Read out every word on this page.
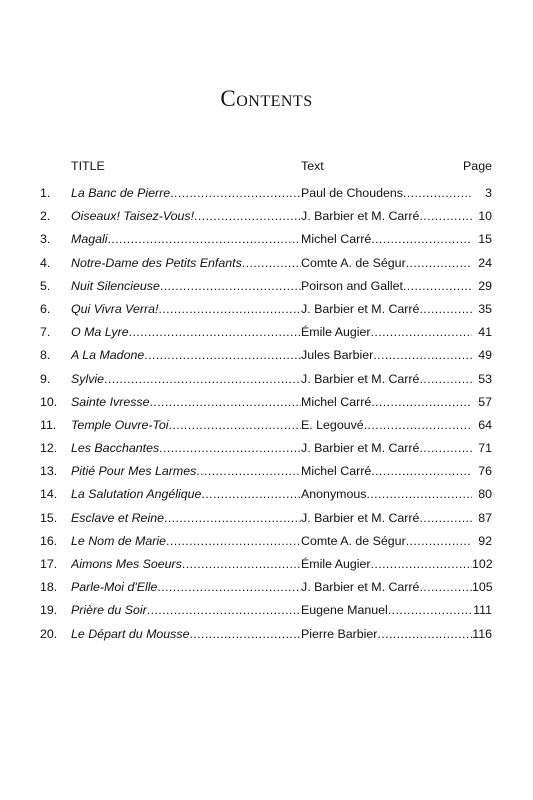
Contents
TITLE	Text	Page
1.	La Banc de Pierre .....	Paul de Choudens .....	3
2.	Oiseaux! Taisez-Vous! .....	J. Barbier et M. Carré .....	10
3.	Magali .....	Michel Carré .....	15
4.	Notre-Dame des Petits Enfants .....	Comte A. de Ségur .....	24
5.	Nuit Silencieuse .....	Poirson and Gallet .....	29
6.	Qui Vivra Verra! .....	J. Barbier et M. Carré .....	35
7.	O Ma Lyre .....	Émile Augier .....	41
8.	A La Madone .....	Jules Barbier .....	49
9.	Sylvie .....	J. Barbier et M. Carré .....	53
10.	Sainte Ivresse .....	Michel Carré .....	57
11.	Temple Ouvre-Toi .....	E. Legouvé .....	64
12.	Les Bacchantes .....	J. Barbier et M. Carré .....	71
13.	Pitié Pour Mes Larmes .....	Michel Carré .....	76
14.	La Salutation Angélique .....	Anonymous .....	80
15.	Esclave et Reine .....	J. Barbier et M. Carré .....	87
16.	Le Nom de Marie .....	Comte A. de Ségur .....	92
17.	Aimons Mes Soeurs .....	Émile Augier .....	102
18.	Parle-Moi d'Elle .....	J. Barbier et M. Carré .....	105
19.	Prière du Soir .....	Eugene Manuel .....	111
20.	Le Départ du Mousse .....	Pierre Barbier .....	116
